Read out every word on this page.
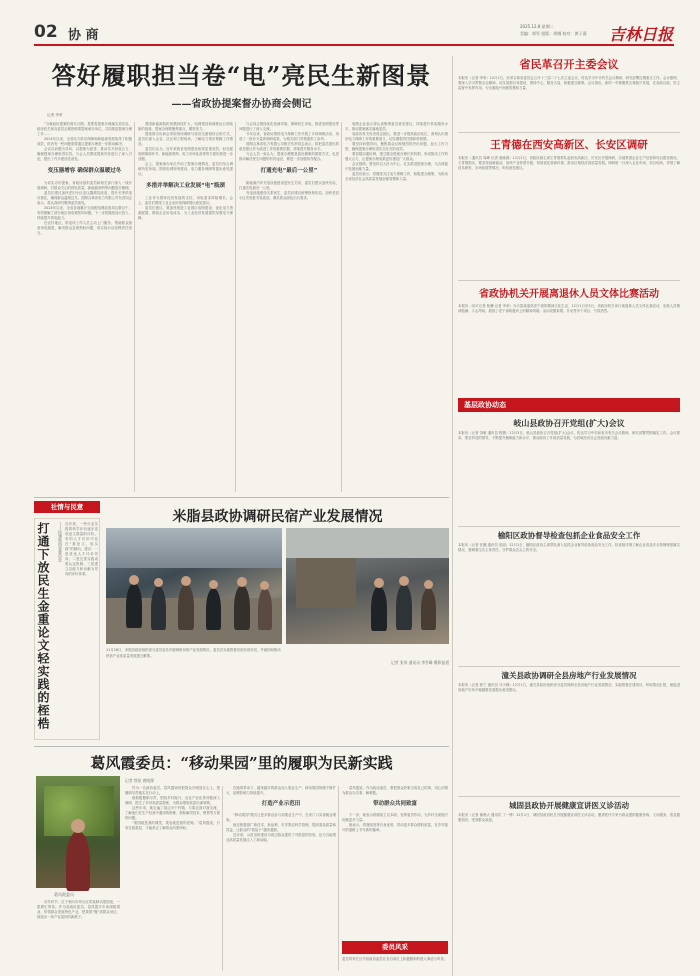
02 协 商
2025.12.8 星期二
美编：郭军 组版：周娜 校对：黄子涌 吉林日报
答好履职担当卷“电”亮民生新图景
——省政协提案督办协商会侧记
记者 李荣

“当晚政协提案的督办日期，是要将提案办理落实到实处，政协机关和各委员会紧密联系提案承办单位，共同推进提案办理工作……

2024年以来，全省电力供应保障和新能源发展取得了积极成效，但仍有一些问题需要通过提案办理进一步推动解决。

会议以问题为导向，以提案为纽带，推动各方形成合力，确保提案办理取得实效。与会人员围绕提案内容进行了深入讨论，提出了许多建设性意见。

变压器增容 确保群众温暖过冬

为切实办好提案，省政协组织委员和相关部门深入一线开展调研，对群众关心的供电质量、新能源消纳等问题进行梳理。

委员们建议加快老旧小区变压器增容改造，提升冬季供电可靠性，确保群众温暖过冬。国网吉林省电力有限公司负责同志表示，将认真研究吸纳委员意见。

2024年以来，全省各地累计完成配电网改造项目数百个，有效缓解了部分地区用电紧张的问题。下一步将继续加大投入，持续提升供电能力。

在农村地区，供电所工作人员主动上门服务，帮助群众排查用电隐患，解决群众急难愁盼问题，用实际行动诠释责任担当。

我国新能源装机规模持续扩大，电网建设和调度运行面临新的挑战，提案办理要聚焦重点、精准发力。

提案督办协商会采取现场调研与座谈交流相结合的方式，委员们深入企业、社区和工程现场，了解电力供应保障工作情况。

委员们认为，近年来我省电网建设取得显著成效，但在配电网薄弱环节、新能源消纳、电力市场化改革等方面仍需进一步加强。

会上，提案承办单位介绍了提案办理情况，委员们结合调研所见所闻，围绕电网规划建设、电力服务保障等提出意见建议。

多措并举解决工业发展“电”瓶颈

工业作为国家经济发展的支柱，用电需求持续增长。会上，委员们围绕工业企业用电保障提出意见建议。

委员们建议，要加快推进工业园区电网建设，优化电力资源配置，降低企业用电成本，为工业经济发展提供坚强电力保障。

与会同志围绕优化营商环境、保障民生用电、推进电网建设等问题进行了深入交流。

今年以来，省政协围绕电力保障工作开展了多项调研活动，形成了一批有分量的调研成果，为相关部门决策提供了参考。

国网吉林省电力有限公司相关负责同志表示，将把委员提出的意见建议作为改进工作的重要依据，持续提升服务水平。

与会人员一致认为，提案办理既是政协履职的重要方式，也是推动解决民生问题的有效途径，要进一步加强协作配合。

打通充电“最后一公里”

新能源汽车充电设施建设是民生关切，委员们建议加快布局，打通充电最后一公里。

充电设施建设关系民生，委员们建议统筹规划布局，加快老旧小区充电桩安装改造，满足群众绿色出行需求。

电网企业表示将认真吸纳委员意见建议，持续提升供电服务水平，推动提案落实落地见效。

省政协有关负责同志指出，要进一步提高政治站位，深刻认识做好电力保障工作的重要意义，切实增强责任感和使命感。

要坚持问题导向，聚焦群众反映强烈的突出问题，加大工作力度，确保提案办理取得实实在在的成效。

要加强沟通协调，建立健全提案办理长效机制，形成推动工作的强大合力，让提案办理成果更好惠及广大群众。

会议强调，要坚持以人民为中心，扎实推进提案办理，为吉林振兴发展贡献力量。

委员们表示，将继续关注电力保障工作，积极建言献策，为推动全省经济社会高质量发展贡献智慧和力量。

省民革召开主委会议
本报讯（记者 李荣）12月1日，民革吉林省委员会召开十三届二十七次主委会议，传达学习中央有关会议精神，研究部署近期重点工作。会议强调，要深入学习贯彻全会精神，切实加强自身建设，围绕中心、服务大局，积极建言献策。会议指出，新的一年要聚焦吉林振兴发展，在参政议政、民主监督中发挥作用，为全面振兴贡献智慧和力量。
王青德在西安高新区、长安区调研
本报讯（通讯员 周峰 记者 唐晓源）12月2日，省政协副主席王青德带队赴西安高新区、长安区开展调研，实地察看企业生产经营和项目建设情况。王青德指出，要坚持创新驱动，加快产业转型升级，持续优化营商环境，推动区域经济高质量发展。调研组一行深入企业车间、项目现场，详细了解技术研发、市场拓展等情况，听取意见建议。
省政协机关开展离退休人员文体比赛活动
本报讯（吴可记者 杨骥 记者 李荣）为丰富离退休老干部的精神文化生活，12月1日至3日，省政协机关举行离退休人员文体比赛活动，参赛人员精神饱满、斗志昂扬，展现了老干部积极向上的精神风貌。活动设置象棋、扑克等多个项目，气氛热烈。
基层政协动态
岐山县政协召开党组(扩大)会议
本报讯（记者 刘敏 通讯员 程捷）12月5日，岐山县政协召开党组(扩大)会议，传达学习中央和省市有关会议精神，研究部署贯彻落实工作。会议要求，要坚持党的领导，不断提升履职能力和水平，推动政协工作高质量发展，为县域经济社会发展贡献力量。
榆阳区政协督导检查包抓企业食品安全工作
本报讯（记者 任璐 通讯员 张丽）12月1日，榆阳区政协主席带队深入包抓企业督导检查食品安全工作。检查组详细了解企业食品安全管理制度落实情况，强调要压实主体责任，守护群众舌尖上的安全。
潼关县政协调研全县房地产行业发展情况
本报讯（记者 郭宁 通讯员 马小静）12月1日，潼关县政协组织部分委员调研全县房地产行业发展情况，实地察看在建项目，听取情况汇报，就促进房地产市场平稳健康发展提出意见建议。
城固县政协开展健康宣讲医义诊活动
本报讯（记者 谢晨大 通讯员 丁一博）12月1日，城固县政协机关开展健康宣讲医义诊活动，邀请医疗专家为群众提供健康咨询、义诊服务，普及健康知识，受到群众欢迎。
社情与民意
打通下放民生金重论文轻实践的桎梏	——民建陕西省委员会 近年来，一些行业实践的科学评价逐步变成论文数量的评价，有的人才评价中存在“重论文、轻实践”的倾向。建议：一是优化人才评价导向，二是完善实践成果认定机制，三是建立以能力和贡献为导向的评价体系。
米脂县政协调研民宿产业发展情况
11月26日，米脂县政协组织部分委员赴各乡镇调研民宿产业发展情况，委员们实地察看民宿经营状况，并就如何推动民宿产业高质量发展建言献策。
记者 张涛 通讯员 李雪峰 摄影报道
葛风霞委员：“移动果园”里的履职为民新实践
葛风霞委员
记者 徐星 唐晓源

初冬时节，位于铜川市印台区的某移动果园里，一派繁忙景象。作为省政协委员，葛风霞多年来深耕果业，带领群众发展特色产业，把果园“搬”到群众身边，探索出一条产业富民的新路子。

作为一名政协委员，葛风霞始终把群众冷暖放在心上，把履职尽责落实在行动上。

她积极履职尽责，围绕乡村振兴、农业产业化等问题深入调研，提交了多份高质量提案，为群众增收致富出谋划策。

这些年来，她走遍了周边多个村镇，与果农面对面交流，了解他们在生产经营中遇到的困难，帮助解决技术、销售等方面的问题。

“果园就是我的课堂，果农就是我的老师。”葛风霞说，只有扎根基层，才能真正了解群众所需所盼。

在她的带动下，越来越多的群众加入果业生产，移动果园规模不断扩大，品牌影响力持续提升。

打造产业示范田

“移动果园”模式让更多群众参与到果业生产中，在家门口实现就业增收。

她还积极推广新技术、新品种，引导果农科学管理，提高果品质量和效益，让群众的“钱袋子”越来越鼓。

近年来，示范田的建设为周边群众提供了可借鉴的经验，也为当地果业高质量发展注入了新动能。

葛风霞说，作为政协委员，要把群众的事当成自己的事，用心用情为群众办实事、解难题。

带动群众共同致富

下一步，她表示将继续立足本职，发挥委员作用，为乡村全面振兴贡献更多力量。

她表示，将继续发挥自身优势，带动更多群众增收致富，在乡村振兴的道路上书写新的篇章。

委员风采
委员风采栏目介绍政协委员在各自岗位上积极履职的感人事迹与风采。
